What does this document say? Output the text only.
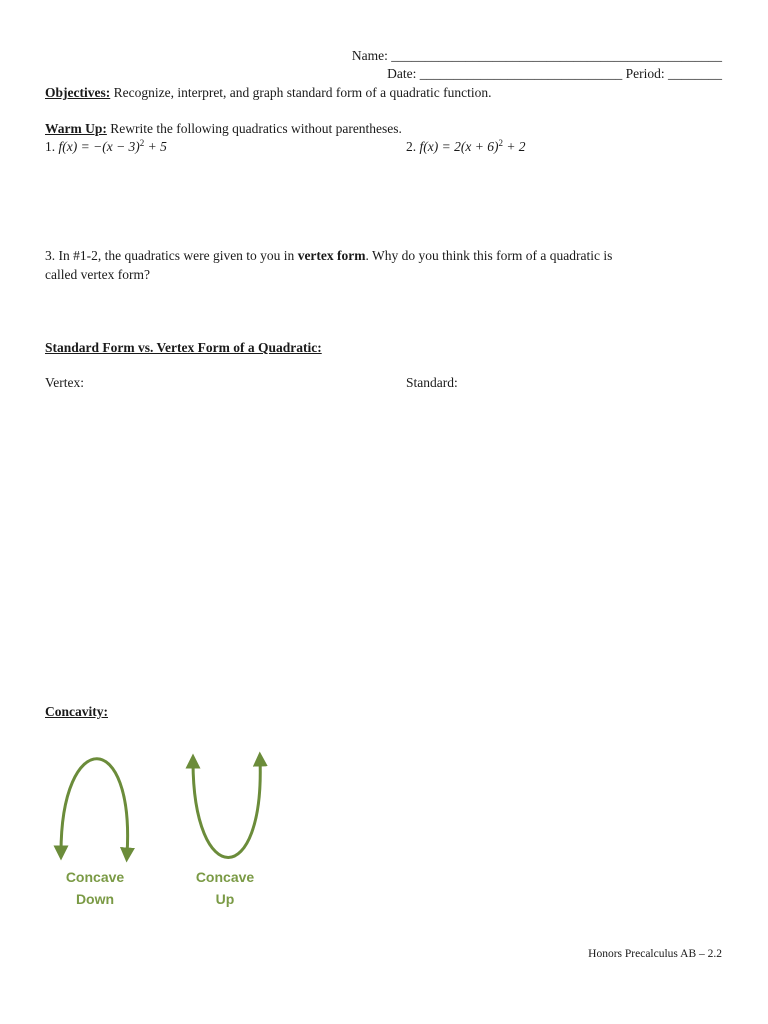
Name: _________________________________________________
Date: ______________________________ Period: ________
Objectives: Recognize, interpret, and graph standard form of a quadratic function.
Warm Up: Rewrite the following quadratics without parentheses.
1. $f(x) = -(x - 3)^2 + 5$	2. $f(x) = 2(x + 6)^2 + 2$
3. In #1-2, the quadratics were given to you in vertex form. Why do you think this form of a quadratic is
called vertex form?
Standard Form vs. Vertex Form of a Quadratic:
Vertex:	Standard:
Concavity:
Concave
Down
Concave
Up
Honors Precalculus AB – 2.2
